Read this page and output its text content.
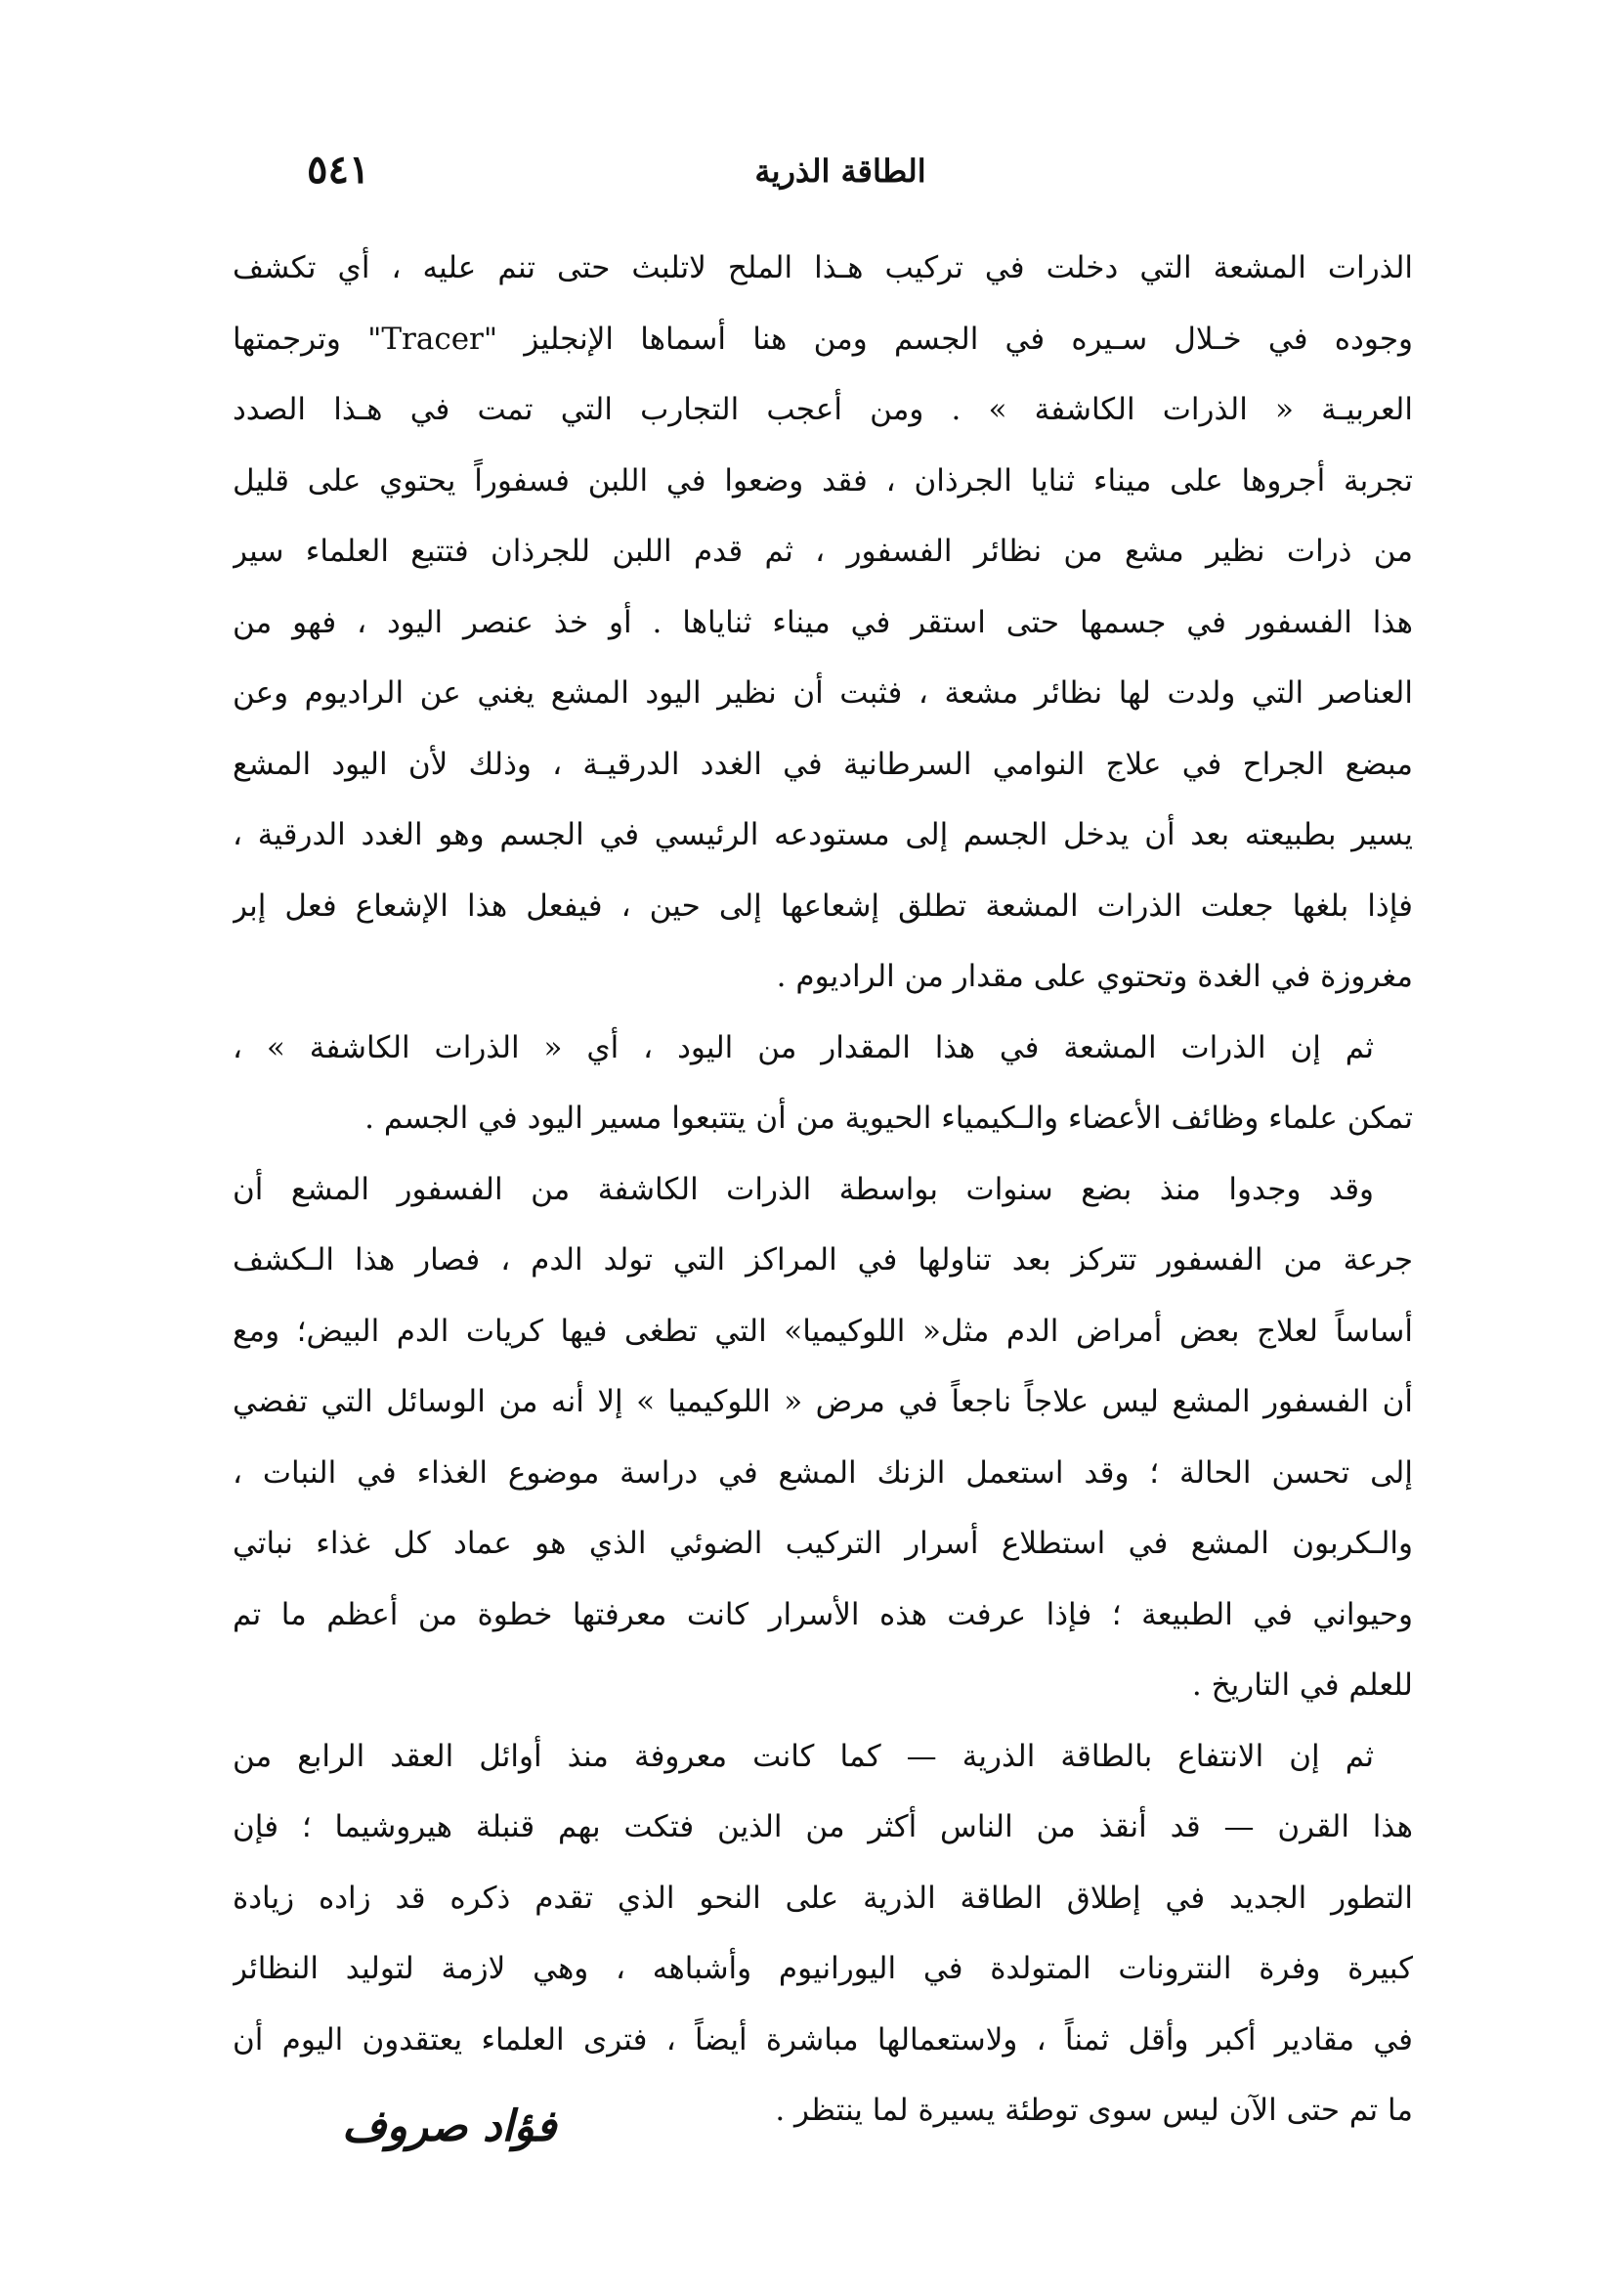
الطاقة الذرية
٥٤١
الذرات المشعة التي دخلت في تركيب هـذا الملح لاتلبث حتى تنم عليه ، أي تكشف
وجوده في خـلال سـيره في الجسم ومن هنا أسماها الإنجليز "Tracer" وترجمتها
العربيـة « الذرات الكاشفة » . ومن أعجب التجارب التي تمت في هـذا الصدد
تجربة أجروها على ميناء ثنايا الجرذان ، فقد وضعوا في اللبن فسفوراً يحتوي على قليل
من ذرات نظير مشع من نظائر الفسفور ، ثم قدم اللبن للجرذان فتتبع العلماء سير
هذا الفسفور في جسمها حتى استقر في ميناء ثناياها . أو خذ عنصر اليود ، فهو من
العناصر التي ولدت لها نظائر مشعة ، فثبت أن نظير اليود المشع يغني عن الراديوم وعن
مبضع الجراح في علاج النوامي السرطانية في الغدد الدرقيـة ، وذلك لأن اليود المشع
يسير بطبيعته بعد أن يدخل الجسم إلى مستودعه الرئيسي في الجسم وهو الغدد الدرقية ،
فإذا بلغها جعلت الذرات المشعة تطلق إشعاعها إلى حين ، فيفعل هذا الإشعاع فعل إبر
مغروزة في الغدة وتحتوي على مقدار من الراديوم .
ثم إن الذرات المشعة في هذا المقدار من اليود ، أي « الذرات الكاشفة » ،
تمكن علماء وظائف الأعضاء والـكيمياء الحيوية من أن يتتبعوا مسير اليود في الجسم .
وقد وجدوا منذ بضع سنوات بواسطة الذرات الكاشفة من الفسفور المشع أن
جرعة من الفسفور تتركز بعد تناولها في المراكز التي تولد الدم ، فصار هذا الـكشف
أساساً لعلاج بعض أمراض الدم مثل« اللوكيميا» التي تطغى فيها كريات الدم البيض؛ ومع
أن الفسفور المشع ليس علاجاً ناجعاً في مرض « اللوكيميا » إلا أنه من الوسائل التي تفضي
إلى تحسن الحالة ؛ وقد استعمل الزنك المشع في دراسة موضوع الغذاء في النبات ،
والـكربون المشع في استطلاع أسرار التركيب الضوئي الذي هو عماد كل غذاء نباتي
وحيواني في الطبيعة ؛ فإذا عرفت هذه الأسرار كانت معرفتها خطوة من أعظم ما تم
للعلم في التاريخ .
ثم إن الانتفاع بالطاقة الذرية — كما كانت معروفة منذ أوائل العقد الرابع من
هذا القرن — قد أنقذ من الناس أكثر من الذين فتكت بهم قنبلة هيروشيما ؛ فإن
التطور الجديد في إطلاق الطاقة الذرية على النحو الذي تقدم ذكره قد زاده زيادة
كبيرة وفرة النترونات المتولدة في اليورانيوم وأشباهه ، وهي لازمة لتوليد النظائر
في مقادير أكبر وأقل ثمناً ، ولاستعمالها مباشرة أيضاً ، فترى العلماء يعتقدون اليوم أن
ما تم حتى الآن ليس سوى توطئة يسيرة لما ينتظر .
فؤاد صروف
